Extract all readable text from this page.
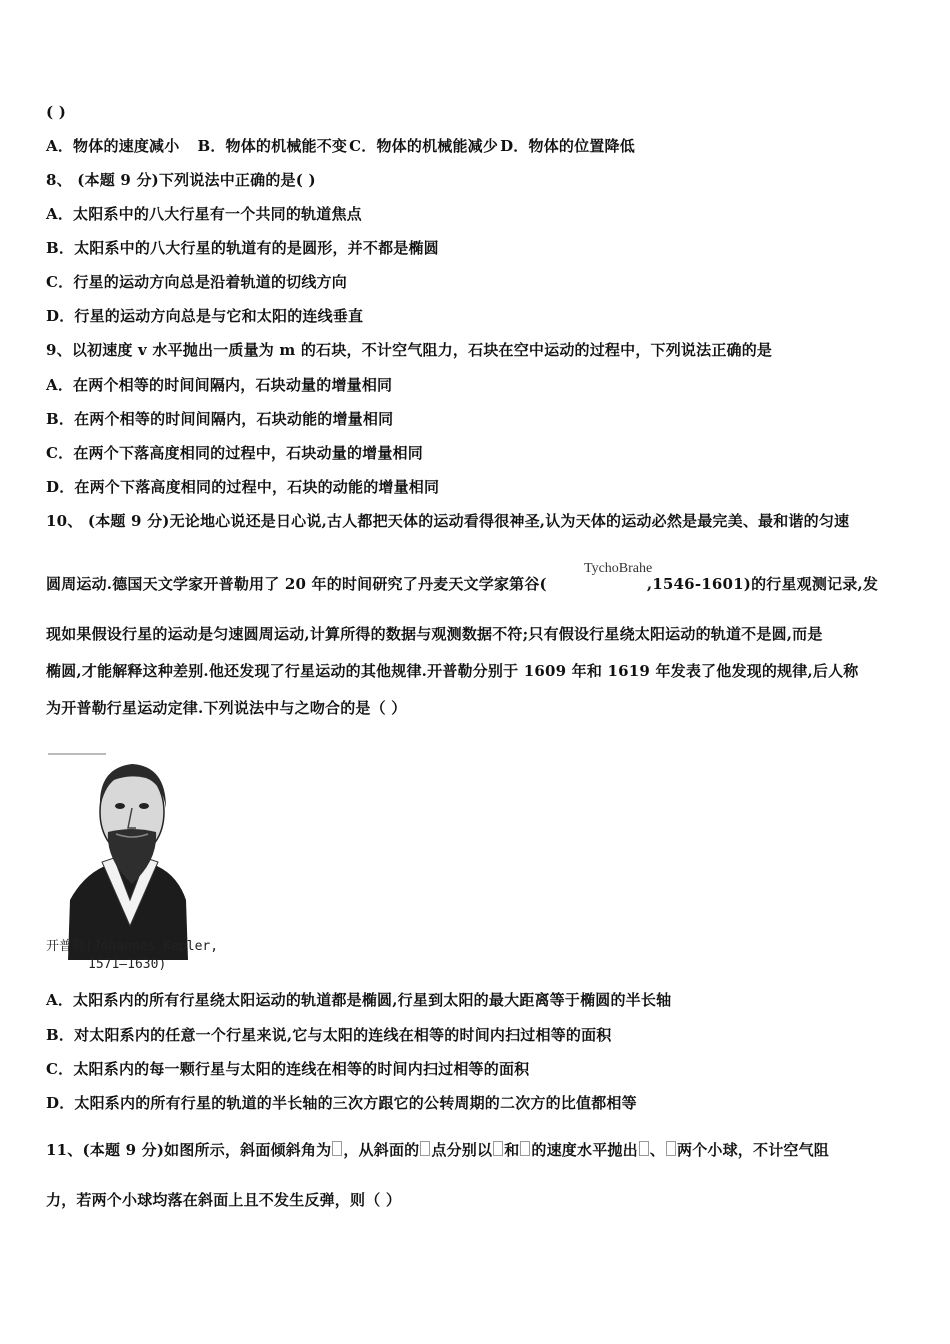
( )
A．物体的速度减小 B．物体的机械能不变 C．物体的机械能减少 D．物体的位置降低
8、 (本题 9 分)下列说法中正确的是( )
A．太阳系中的八大行星有一个共同的轨道焦点
B．太阳系中的八大行星的轨道有的是圆形，并不都是椭圆
C．行星的运动方向总是沿着轨道的切线方向
D．行星的运动方向总是与它和太阳的连线垂直
9、以初速度 v 水平抛出一质量为 m 的石块，不计空气阻力，石块在空中运动的过程中，下列说法正确的是
A．在两个相等的时间间隔内，石块动量的增量相同
B．在两个相等的时间间隔内，石块动能的增量相同
C．在两个下落高度相同的过程中，石块动量的增量相同
D．在两个下落高度相同的过程中，石块的动能的增量相同
10、 (本题 9 分)无论地心说还是日心说,古人都把天体的运动看得很神圣,认为天体的运动必然是最完美、最和谐的匀速
圆周运动.德国天文学家开普勒用了 20 年的时间研究了丹麦天文学家第谷(	,1546-1601)的行星观测记录,发
TychoBrahe
现如果假设行星的运动是匀速圆周运动,计算所得的数据与观测数据不符;只有假设行星绕太阳运动的轨道不是圆,而是
椭圆,才能解释这种差别.他还发现了行星运动的其他规律.开普勒分别于 1609 年和 1619 年发表了他发现的规律,后人称
为开普勒行星运动定律.下列说法中与之吻合的是（ ）
开普勒(Johannes Kepler,
1571—1630)
A．太阳系内的所有行星绕太阳运动的轨道都是椭圆,行星到太阳的最大距离等于椭圆的半长轴
B．对太阳系内的任意一个行星来说,它与太阳的连线在相等的时间内扫过相等的面积
C．太阳系内的每一颗行星与太阳的连线在相等的时间内扫过相等的面积
D．太阳系内的所有行星的轨道的半长轴的三次方跟它的公转周期的二次方的比值都相等
11、(本题 9 分)如图所示，斜面倾斜角为 ，从斜面的 点分别以 和 的速度水平抛出 、 两个小球，不计空气阻
力，若两个小球均落在斜面上且不发生反弹，则（ ）
